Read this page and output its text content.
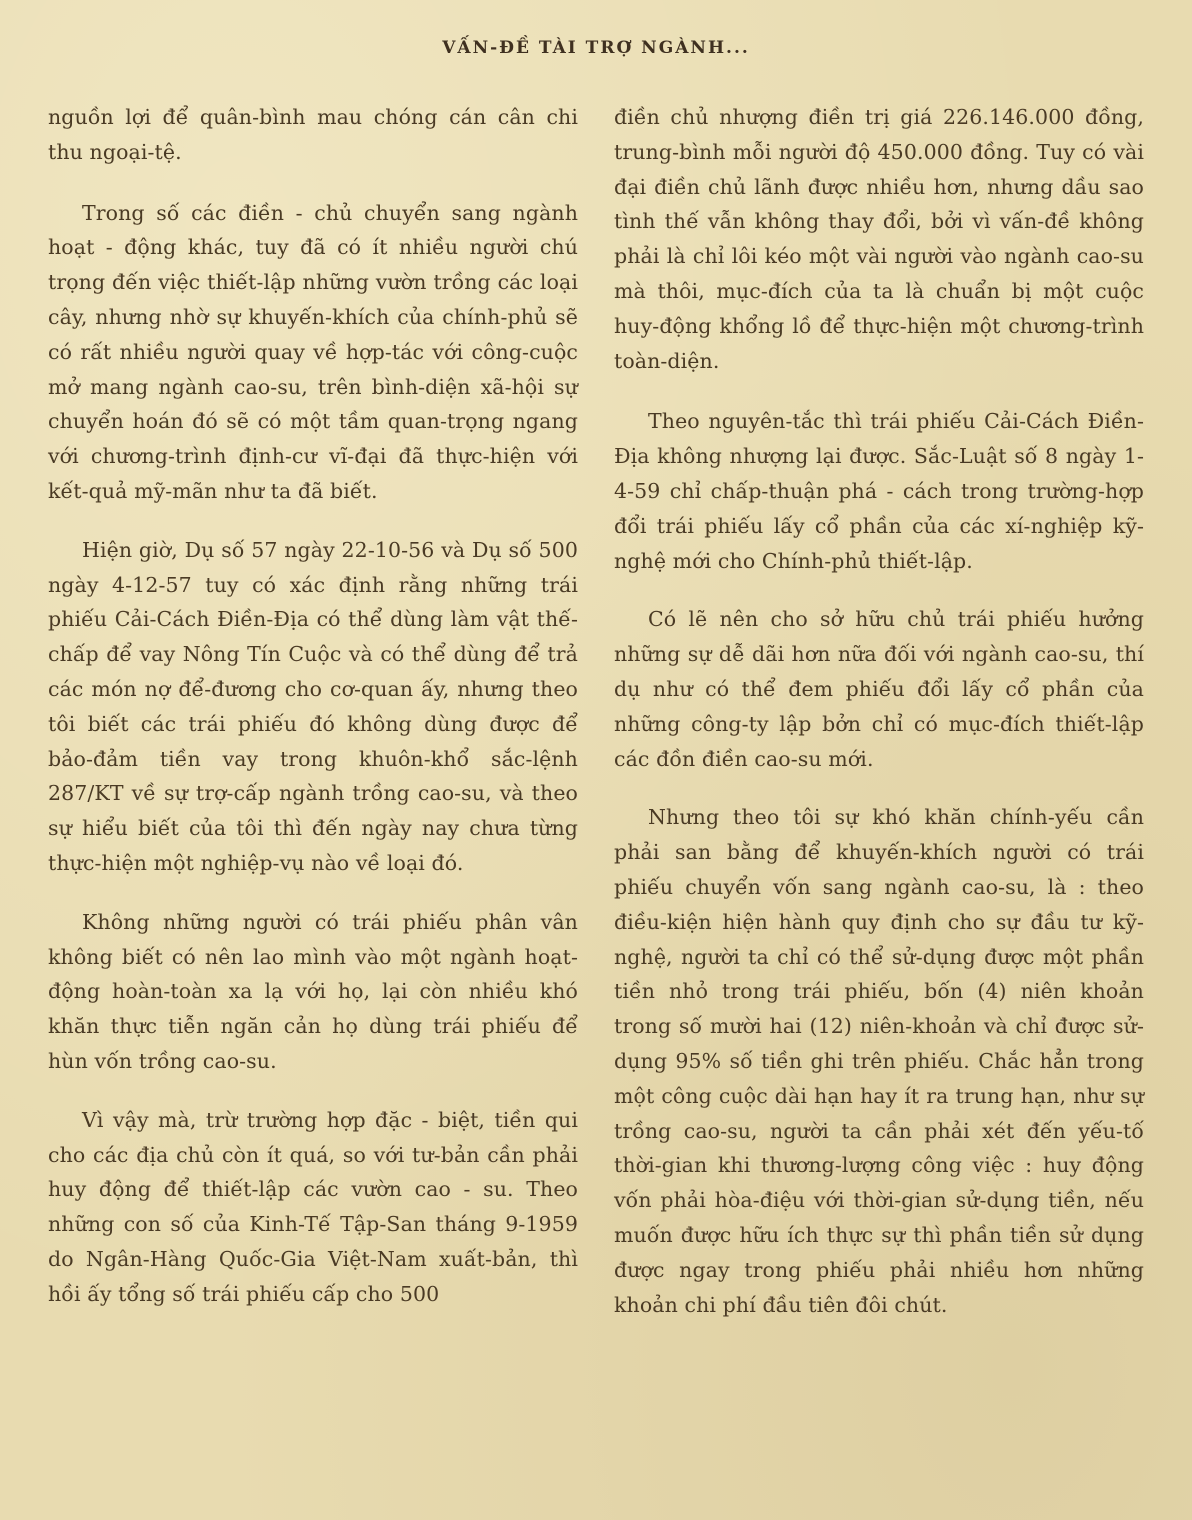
VẤN-ĐỀ TÀI TRỢ NGÀNH...

nguồn lợi để quân-bình mau chóng cán cân chi thu ngoại-tệ.

Trong số các điền - chủ chuyển sang ngành hoạt - động khác, tuy đã có ít nhiều người chú trọng đến việc thiết-lập những vườn trồng các loại cây, nhưng nhờ sự khuyến-khích của chính-phủ sẽ có rất nhiều người quay về hợp-tác với công-cuộc mở mang ngành cao-su, trên bình-diện xã-hội sự chuyển hoán đó sẽ có một tầm quan-trọng ngang với chương-trình định-cư vĩ-đại đã thực-hiện với kết-quả mỹ-mãn như ta đã biết.

Hiện giờ, Dụ số 57 ngày 22-10-56 và Dụ số 500 ngày 4-12-57 tuy có xác định rằng những trái phiếu Cải-Cách Điền-Địa có thể dùng làm vật thế-chấp để vay Nông Tín Cuộc và có thể dùng để trả các món nợ để-đương cho cơ-quan ấy, nhưng theo tôi biết các trái phiếu đó không dùng được để bảo-đảm tiền vay trong khuôn-khổ sắc-lệnh 287/KT về sự trợ-cấp ngành trồng cao-su, và theo sự hiểu biết của tôi thì đến ngày nay chưa từng thực-hiện một nghiệp-vụ nào về loại đó.

Không những người có trái phiếu phân vân không biết có nên lao mình vào một ngành hoạt-động hoàn-toàn xa lạ với họ, lại còn nhiều khó khăn thực tiễn ngăn cản họ dùng trái phiếu để hùn vốn trồng cao-su.

Vì vậy mà, trừ trường hợp đặc - biệt, tiền qui cho các địa chủ còn ít quá, so với tư-bản cần phải huy động để thiết-lập các vườn cao - su. Theo những con số của Kinh-Tế Tập-San tháng 9-1959 do Ngân-Hàng Quốc-Gia Việt-Nam xuất-bản, thì hồi ấy tổng số trái phiếu cấp cho 500

điền chủ nhượng điền trị giá 226.146.000 đồng, trung-bình mỗi người độ 450.000 đồng. Tuy có vài đại điền chủ lãnh được nhiều hơn, nhưng dầu sao tình thế vẫn không thay đổi, bởi vì vấn-đề không phải là chỉ lôi kéo một vài người vào ngành cao-su mà thôi, mục-đích của ta là chuẩn bị một cuộc huy-động khổng lồ để thực-hiện một chương-trình toàn-diện.

Theo nguyên-tắc thì trái phiếu Cải-Cách Điền-Địa không nhượng lại được. Sắc-Luật số 8 ngày 1-4-59 chỉ chấp-thuận phá - cách trong trường-hợp đổi trái phiếu lấy cổ phần của các xí-nghiệp kỹ-nghệ mới cho Chính-phủ thiết-lập.

Có lẽ nên cho sở hữu chủ trái phiếu hưởng những sự dễ dãi hơn nữa đối với ngành cao-su, thí dụ như có thể đem phiếu đổi lấy cổ phần của những công-ty lập bởn chỉ có mục-đích thiết-lập các đồn điền cao-su mới.

Nhưng theo tôi sự khó khăn chính-yếu cần phải san bằng để khuyến-khích người có trái phiếu chuyển vốn sang ngành cao-su, là : theo điều-kiện hiện hành quy định cho sự đầu tư kỹ-nghệ, người ta chỉ có thể sử-dụng được một phần tiền nhỏ trong trái phiếu, bốn (4) niên khoản trong số mười hai (12) niên-khoản và chỉ được sử-dụng 95% số tiền ghi trên phiếu. Chắc hẳn trong một công cuộc dài hạn hay ít ra trung hạn, như sự trồng cao-su, người ta cần phải xét đến yếu-tố thời-gian khi thương-lượng công việc : huy động vốn phải hòa-điệu với thời-gian sử-dụng tiền, nếu muốn được hữu ích thực sự thì phần tiền sử dụng được ngay trong phiếu phải nhiều hơn những khoản chi phí đầu tiên đôi chút.
